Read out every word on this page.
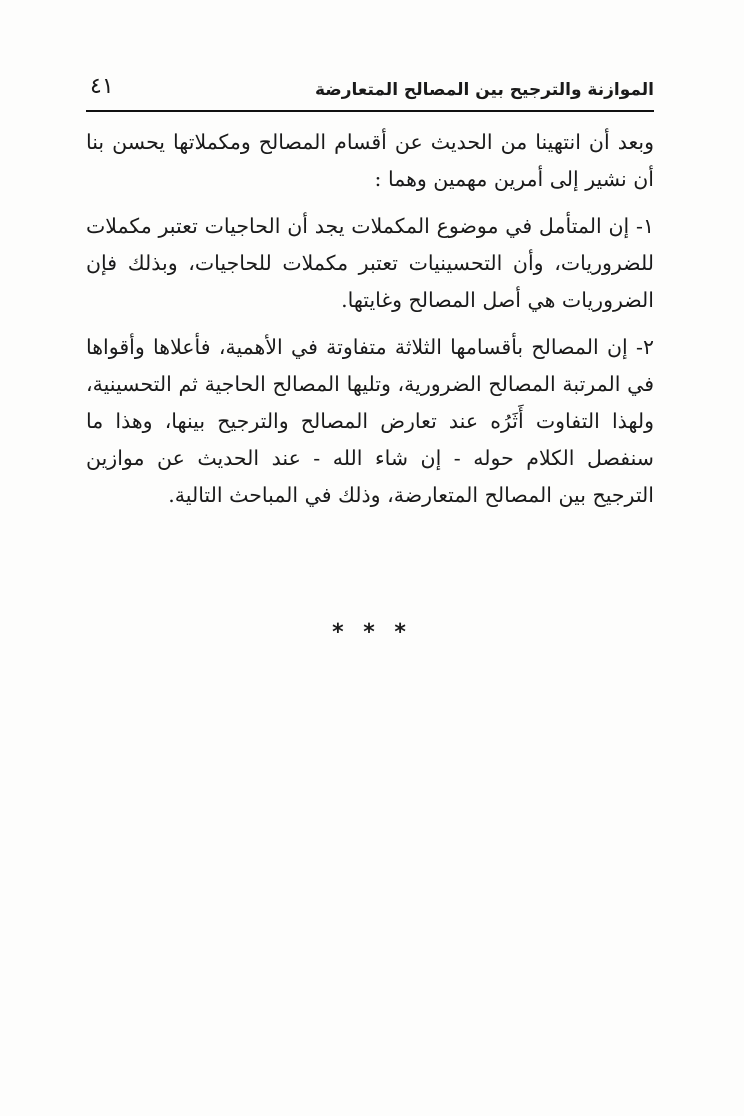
٤١	الموازنة والترجيح بين المصالح المتعارضة

وبعد أن انتهينا من الحديث عن أقسام المصالح ومكملاتها يحسن بنا أن نشير إلى أمرين مهمين وهما :

١- إن المتأمل في موضوع المكملات يجد أن الحاجيات تعتبر مكملات للضروريات، وأن التحسينيات تعتبر مكملات للحاجيات، وبذلك فإن الضروريات هي أصل المصالح وغايتها.

٢- إن المصالح بأقسامها الثلاثة متفاوتة في الأهمية، فأعلاها وأقواها في المرتبة المصالح الضرورية، وتليها المصالح الحاجية ثم التحسينية، ولهذا التفاوت أَثَرُه عند تعارض المصالح والترجيح بينها، وهذا ما سنفصل الكلام حوله - إن شاء الله - عند الحديث عن موازين الترجيح بين المصالح المتعارضة، وذلك في المباحث التالية.

* * *
